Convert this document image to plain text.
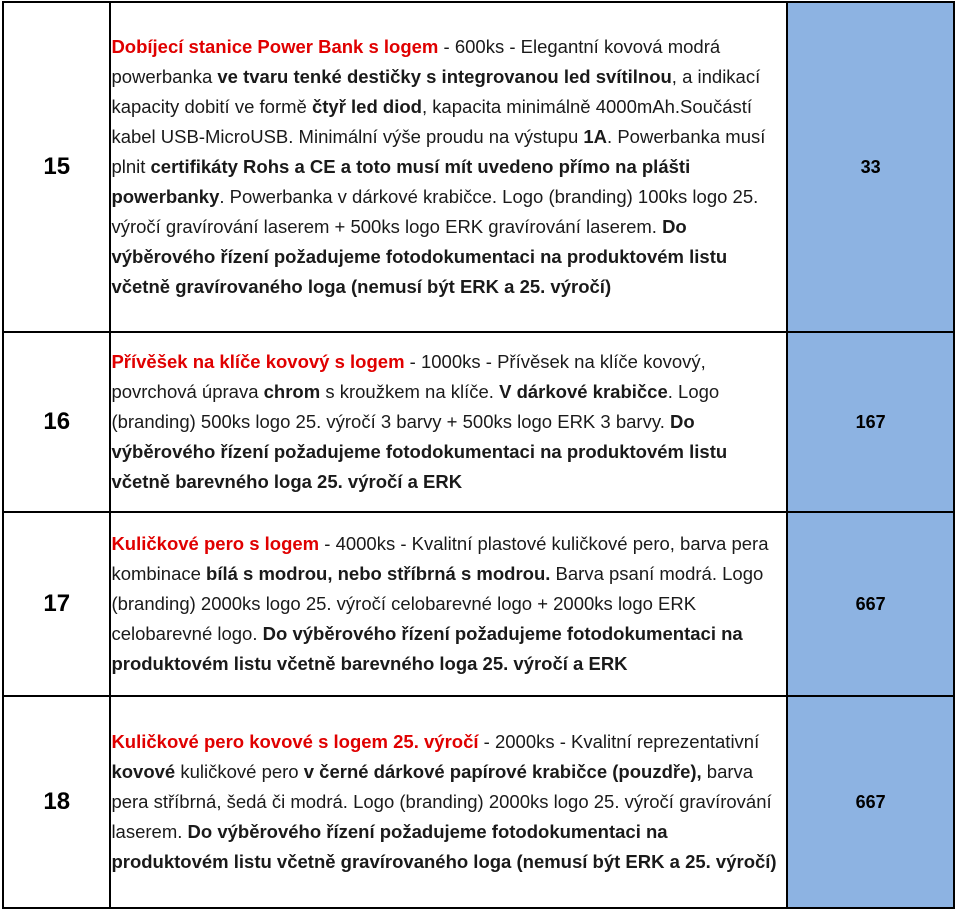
15	Dobíjecí stanice Power Bank s logem - 600ks - Elegantní kovová modrá powerbanka ve tvaru tenké destičky s integrovanou led svítilnou, a indikací kapacity dobití ve formě čtyř led diod, kapacita minimálně 4000mAh.Součástí kabel USB-MicroUSB. Minimální výše proudu na výstupu 1A. Powerbanka musí plnit certifikáty Rohs a CE a toto musí mít uvedeno přímo na plášti powerbanky. Powerbanka v dárkové krabičce. Logo (branding) 100ks logo 25. výročí gravírování laserem + 500ks logo ERK gravírování laserem. Do výběrového řízení požadujeme fotodokumentaci na produktovém listu včetně gravírovaného loga (nemusí být ERK a 25. výročí)	33
16	Přívěšek na klíče kovový s logem - 1000ks - Přívěsek na klíče kovový, povrchová úprava chrom s kroužkem na klíče. V dárkové krabičce. Logo (branding) 500ks logo 25. výročí 3 barvy + 500ks logo ERK 3 barvy. Do výběrového řízení požadujeme fotodokumentaci na produktovém listu včetně barevného loga 25. výročí a ERK	167
17	Kuličkové pero s logem - 4000ks - Kvalitní plastové kuličkové pero, barva pera kombinace bílá s modrou, nebo stříbrná s modrou. Barva psaní modrá. Logo (branding) 2000ks logo 25. výročí celobarevné logo + 2000ks logo ERK celobarevné logo. Do výběrového řízení požadujeme fotodokumentaci na produktovém listu včetně barevného loga 25. výročí a ERK	667
18	Kuličkové pero kovové s logem 25. výročí - 2000ks - Kvalitní reprezentativní kovové kuličkové pero v černé dárkové papírové krabičce (pouzdře), barva pera stříbrná, šedá či modrá. Logo (branding) 2000ks logo 25. výročí gravírování laserem. Do výběrového řízení požadujeme fotodokumentaci na produktovém listu včetně gravírovaného loga (nemusí být ERK a 25. výročí)	667
